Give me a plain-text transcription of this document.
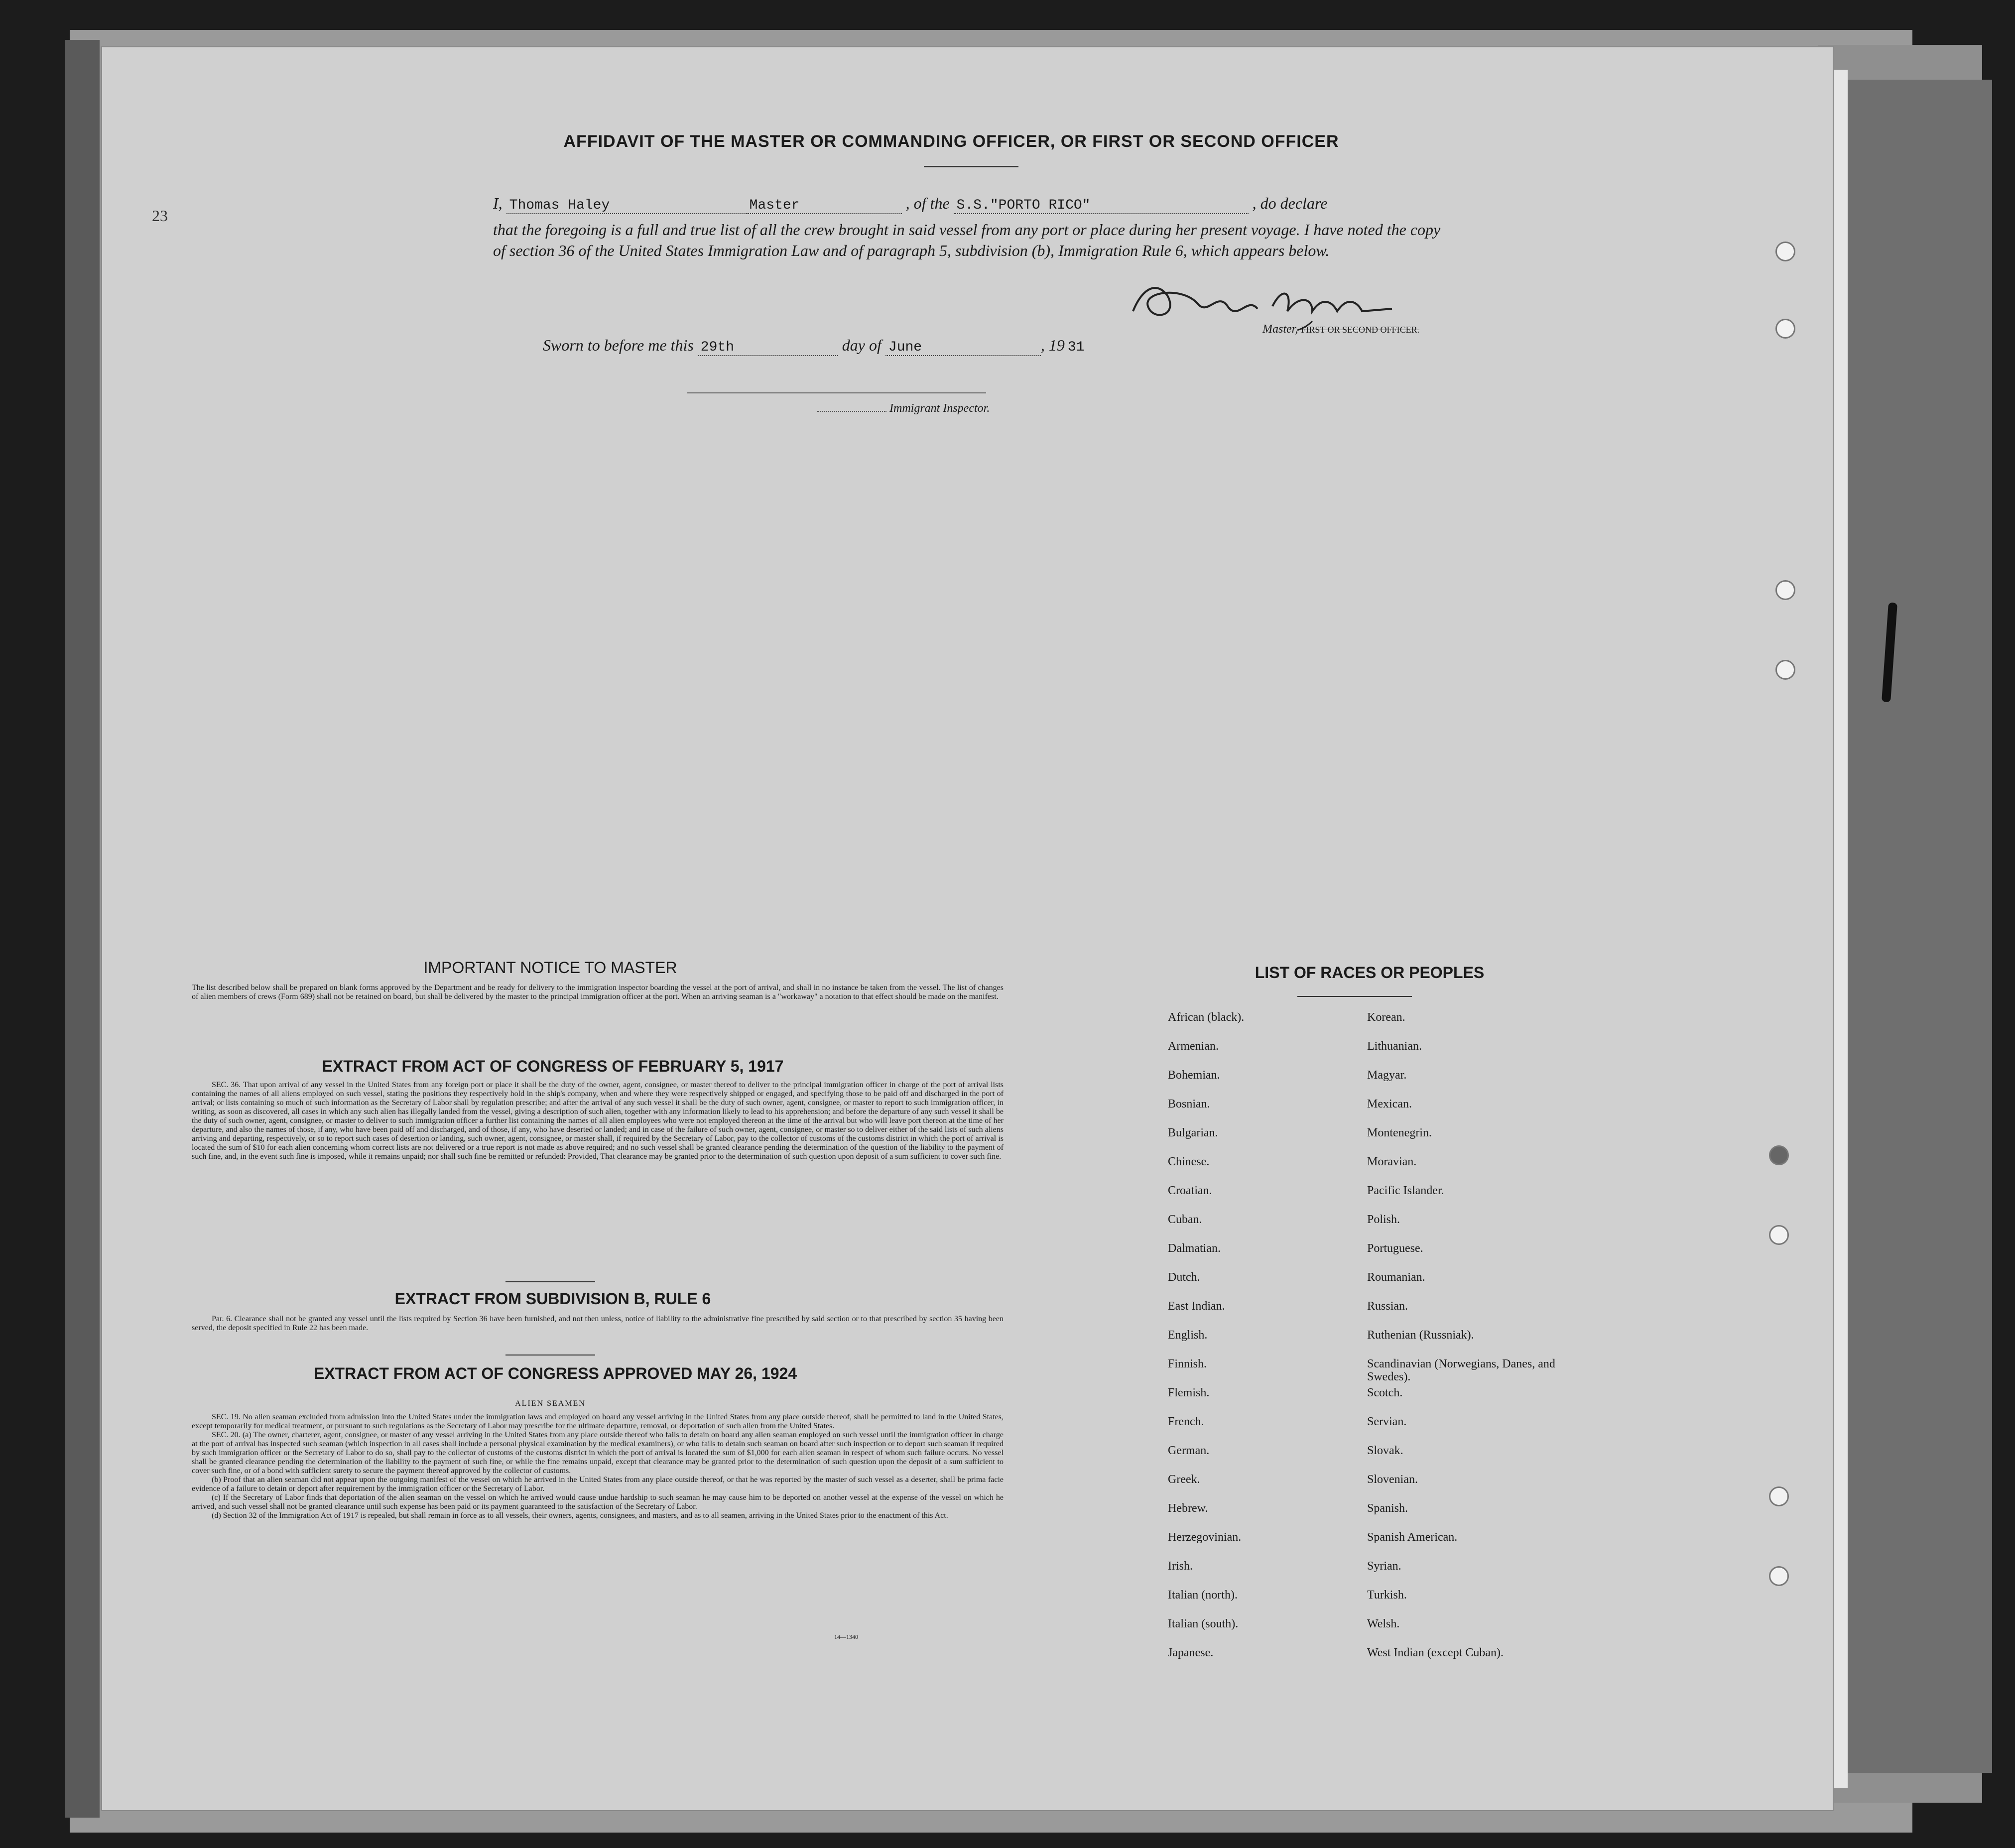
AFFIDAVIT OF THE MASTER OR COMMANDING OFFICER, OR FIRST OR SECOND OFFICER
23
I, Thomas Haley	Master	, of the S.S."PORTO RICO"	, do declare
that the foregoing is a full and true list of all the crew brought in said vessel from any port or place during her present voyage. I have noted the copy of section 36 of the United States Immigration Law and of paragraph 5, subdivision (b), Immigration Rule 6, which appears below.
Master, FIRST OR SECOND OFFICER.
Sworn to before me this 29th	day of June	, 19 31
Immigrant Inspector.
IMPORTANT NOTICE TO MASTER
The list described below shall be prepared on blank forms approved by the Department and be ready for delivery to the immigration inspector boarding the vessel at the port of arrival, and shall in no instance be taken from the vessel. The list of changes of alien members of crews (Form 689) shall not be retained on board, but shall be delivered by the master to the principal immigration officer at the port. When an arriving seaman is a "workaway" a notation to that effect should be made on the manifest.
EXTRACT FROM ACT OF CONGRESS OF FEBRUARY 5, 1917
SEC. 36. That upon arrival of any vessel in the United States from any foreign port or place it shall be the duty of the owner, agent, consignee, or master thereof to deliver to the principal immigration officer in charge of the port of arrival lists containing the names of all aliens employed on such vessel, stating the positions they respectively hold in the ship's company, when and where they were respectively shipped or engaged, and specifying those to be paid off and discharged in the port of arrival; or lists containing so much of such information as the Secretary of Labor shall by regulation prescribe; and after the arrival of any such vessel it shall be the duty of such owner, agent, consignee, or master to report to such immigration officer, in writing, as soon as discovered, all cases in which any such alien has illegally landed from the vessel, giving a description of such alien, together with any information likely to lead to his apprehension; and before the departure of any such vessel it shall be the duty of such owner, agent, consignee, or master to deliver to such immigration officer a further list containing the names of all alien employees who were not employed thereon at the time of the arrival but who will leave port thereon at the time of her departure, and also the names of those, if any, who have been paid off and discharged, and of those, if any, who have deserted or landed; and in case of the failure of such owner, agent, consignee, or master so to deliver either of the said lists of such aliens arriving and departing, respectively, or so to report such cases of desertion or landing, such owner, agent, consignee, or master shall, if required by the Secretary of Labor, pay to the collector of customs of the customs district in which the port of arrival is located the sum of $10 for each alien concerning whom correct lists are not delivered or a true report is not made as above required; and no such vessel shall be granted clearance pending the determination of the question of the liability to the payment of such fine, and, in the event such fine is imposed, while it remains unpaid; nor shall such fine be remitted or refunded: Provided, That clearance may be granted prior to the determination of such question upon deposit of a sum sufficient to cover such fine.
EXTRACT FROM SUBDIVISION B, RULE 6
Par. 6. Clearance shall not be granted any vessel until the lists required by Section 36 have been furnished, and not then unless, notice of liability to the administrative fine prescribed by said section or to that prescribed by section 35 having been served, the deposit specified in Rule 22 has been made.
EXTRACT FROM ACT OF CONGRESS APPROVED MAY 26, 1924
ALIEN SEAMEN
SEC. 19. No alien seaman excluded from admission into the United States under the immigration laws and employed on board any vessel arriving in the United States from any place outside thereof, shall be permitted to land in the United States, except temporarily for medical treatment, or pursuant to such regulations as the Secretary of Labor may prescribe for the ultimate departure, removal, or deportation of such alien from the United States.
SEC. 20. (a) The owner, charterer, agent, consignee, or master of any vessel arriving in the United States from any place outside thereof who fails to detain on board any alien seaman employed on such vessel until the immigration officer in charge at the port of arrival has inspected such seaman (which inspection in all cases shall include a personal physical examination by the medical examiners), or who fails to detain such seaman on board after such inspection or to deport such seaman if required by such immigration officer or the Secretary of Labor to do so, shall pay to the collector of customs of the customs district in which the port of arrival is located the sum of $1,000 for each alien seaman in respect of whom such failure occurs. No vessel shall be granted clearance pending the determination of the liability to the payment of such fine, or while the fine remains unpaid, except that clearance may be granted prior to the determination of such question upon the deposit of a sum sufficient to cover such fine, or of a bond with sufficient surety to secure the payment thereof approved by the collector of customs.
(b) Proof that an alien seaman did not appear upon the outgoing manifest of the vessel on which he arrived in the United States from any place outside thereof, or that he was reported by the master of such vessel as a deserter, shall be prima facie evidence of a failure to detain or deport after requirement by the immigration officer or the Secretary of Labor.
(c) If the Secretary of Labor finds that deportation of the alien seaman on the vessel on which he arrived would cause undue hardship to such seaman he may cause him to be deported on another vessel at the expense of the vessel on which he arrived, and such vessel shall not be granted clearance until such expense has been paid or its payment guaranteed to the satisfaction of the Secretary of Labor.
(d) Section 32 of the Immigration Act of 1917 is repealed, but shall remain in force as to all vessels, their owners, agents, consignees, and masters, and as to all seamen, arriving in the United States prior to the enactment of this Act.
14—1340
LIST OF RACES OR PEOPLES
African (black).	Korean.
Armenian.	Lithuanian.
Bohemian.	Magyar.
Bosnian.	Mexican.
Bulgarian.	Montenegrin.
Chinese.	Moravian.
Croatian.	Pacific Islander.
Cuban.	Polish.
Dalmatian.	Portuguese.
Dutch.	Roumanian.
East Indian.	Russian.
English.	Ruthenian (Russniak).
Finnish.	Scandinavian (Norwegians, Danes, and Swedes).
Flemish.	Scotch.
French.	Servian.
German.	Slovak.
Greek.	Slovenian.
Hebrew.	Spanish.
Herzegovinian.	Spanish American.
Irish.	Syrian.
Italian (north).	Turkish.
Italian (south).	Welsh.
Japanese.	West Indian (except Cuban).
